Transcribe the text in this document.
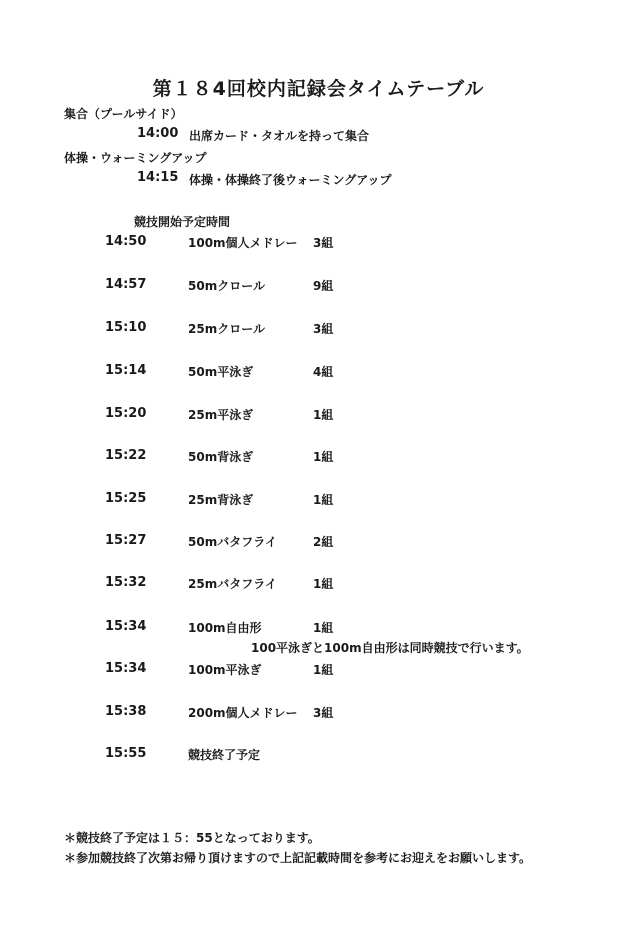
第１８4回校内記録会タイムテーブル
集合（プールサイド）
14:00 出席カード・タオルを持って集合
体操・ウォーミングアップ
14:15 体操・体操終了後ウォーミングアップ
競技開始予定時間
14:50	100m個人メドレー 3組
14:57	50mクロール	9組
15:10	25mクロール	3組
15:14	50m平泳ぎ	4組
15:20	25m平泳ぎ	1組
15:22	50m背泳ぎ	1組
15:25	25m背泳ぎ	1組
15:27	50mバタフライ	2組
15:32	25mバタフライ	1組
15:34	100m自由形	1組
100平泳ぎと100m自由形は同時競技で行います。
15:34	100m平泳ぎ	1組
15:38	200m個人メドレー 3組
15:55	競技終了予定
＊競技終了予定は１５：55となっております。
＊参加競技終了次第お帰り頂けますので上記記載時間を参考にお迎えをお願いします。
